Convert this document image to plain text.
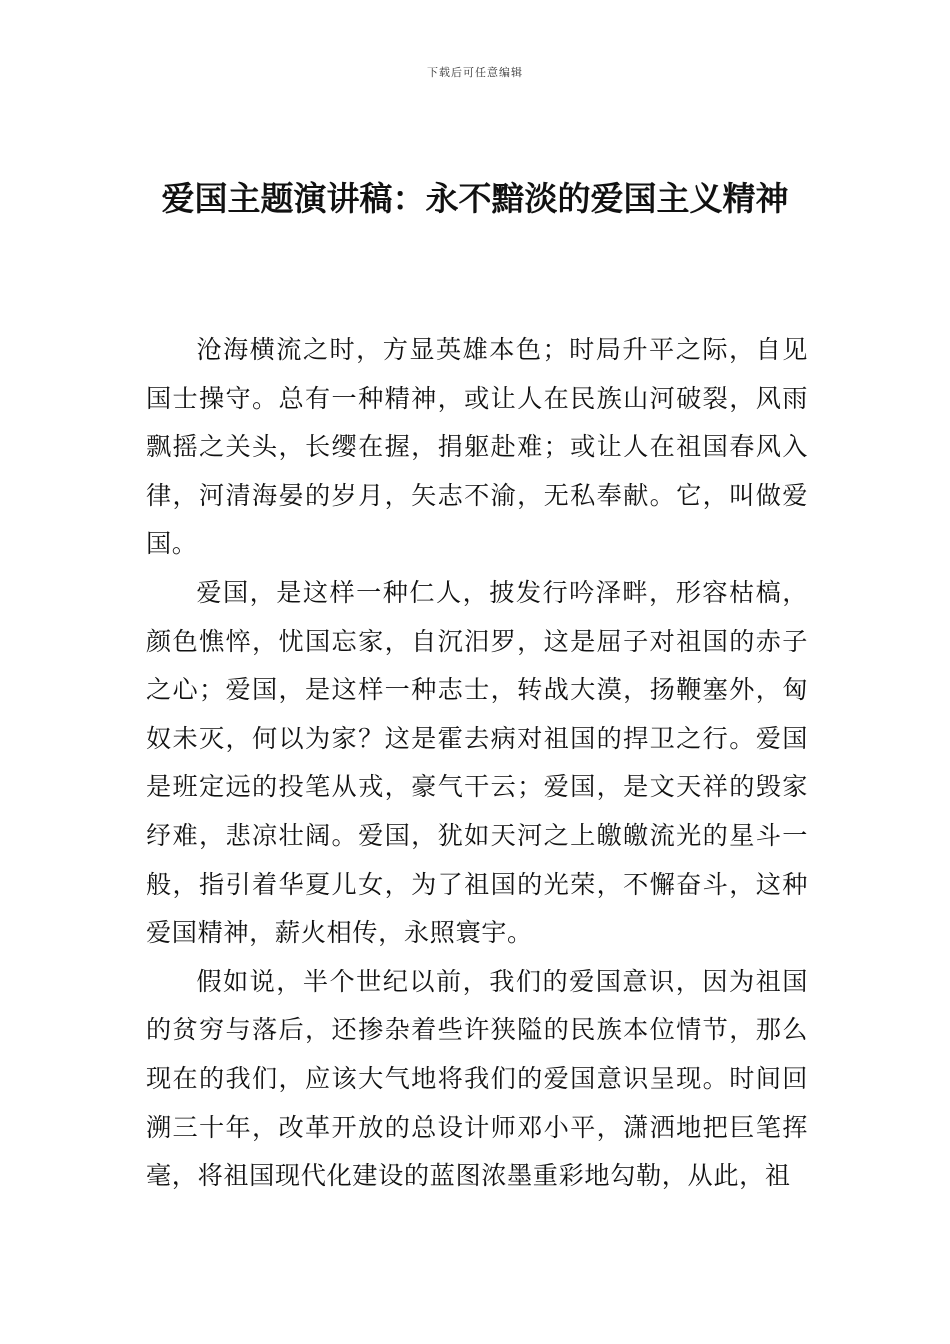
下载后可任意编辑
爱国主题演讲稿：永不黯淡的爱国主义精神

沧海横流之时，方显英雄本色；时局升平之际，自见国士操守。总有一种精神，或让人在民族山河破裂，风雨飘摇之关头，长缨在握，捐躯赴难；或让人在祖国春风入律，河清海晏的岁月，矢志不渝，无私奉献。它，叫做爱国。

爱国，是这样一种仁人，披发行吟泽畔，形容枯槁，颜色憔悴，忧国忘家，自沉汨罗，这是屈子对祖国的赤子之心；爱国，是这样一种志士，转战大漠，扬鞭塞外，匈奴未灭，何以为家？这是霍去病对祖国的捍卫之行。爱国是班定远的投笔从戎，豪气干云；爱国，是文天祥的毁家纾难，悲凉壮阔。爱国，犹如天河之上皦皦流光的星斗一般，指引着华夏儿女，为了祖国的光荣，不懈奋斗，这种爱国精神，薪火相传，永照寰宇。

假如说，半个世纪以前，我们的爱国意识，因为祖国的贫穷与落后，还掺杂着些许狭隘的民族本位情节，那么现在的我们，应该大气地将我们的爱国意识呈现。时间回溯三十年，改革开放的总设计师邓小平，潇洒地把巨笔挥毫，将祖国现代化建设的蓝图浓墨重彩地勾勒，从此，祖
